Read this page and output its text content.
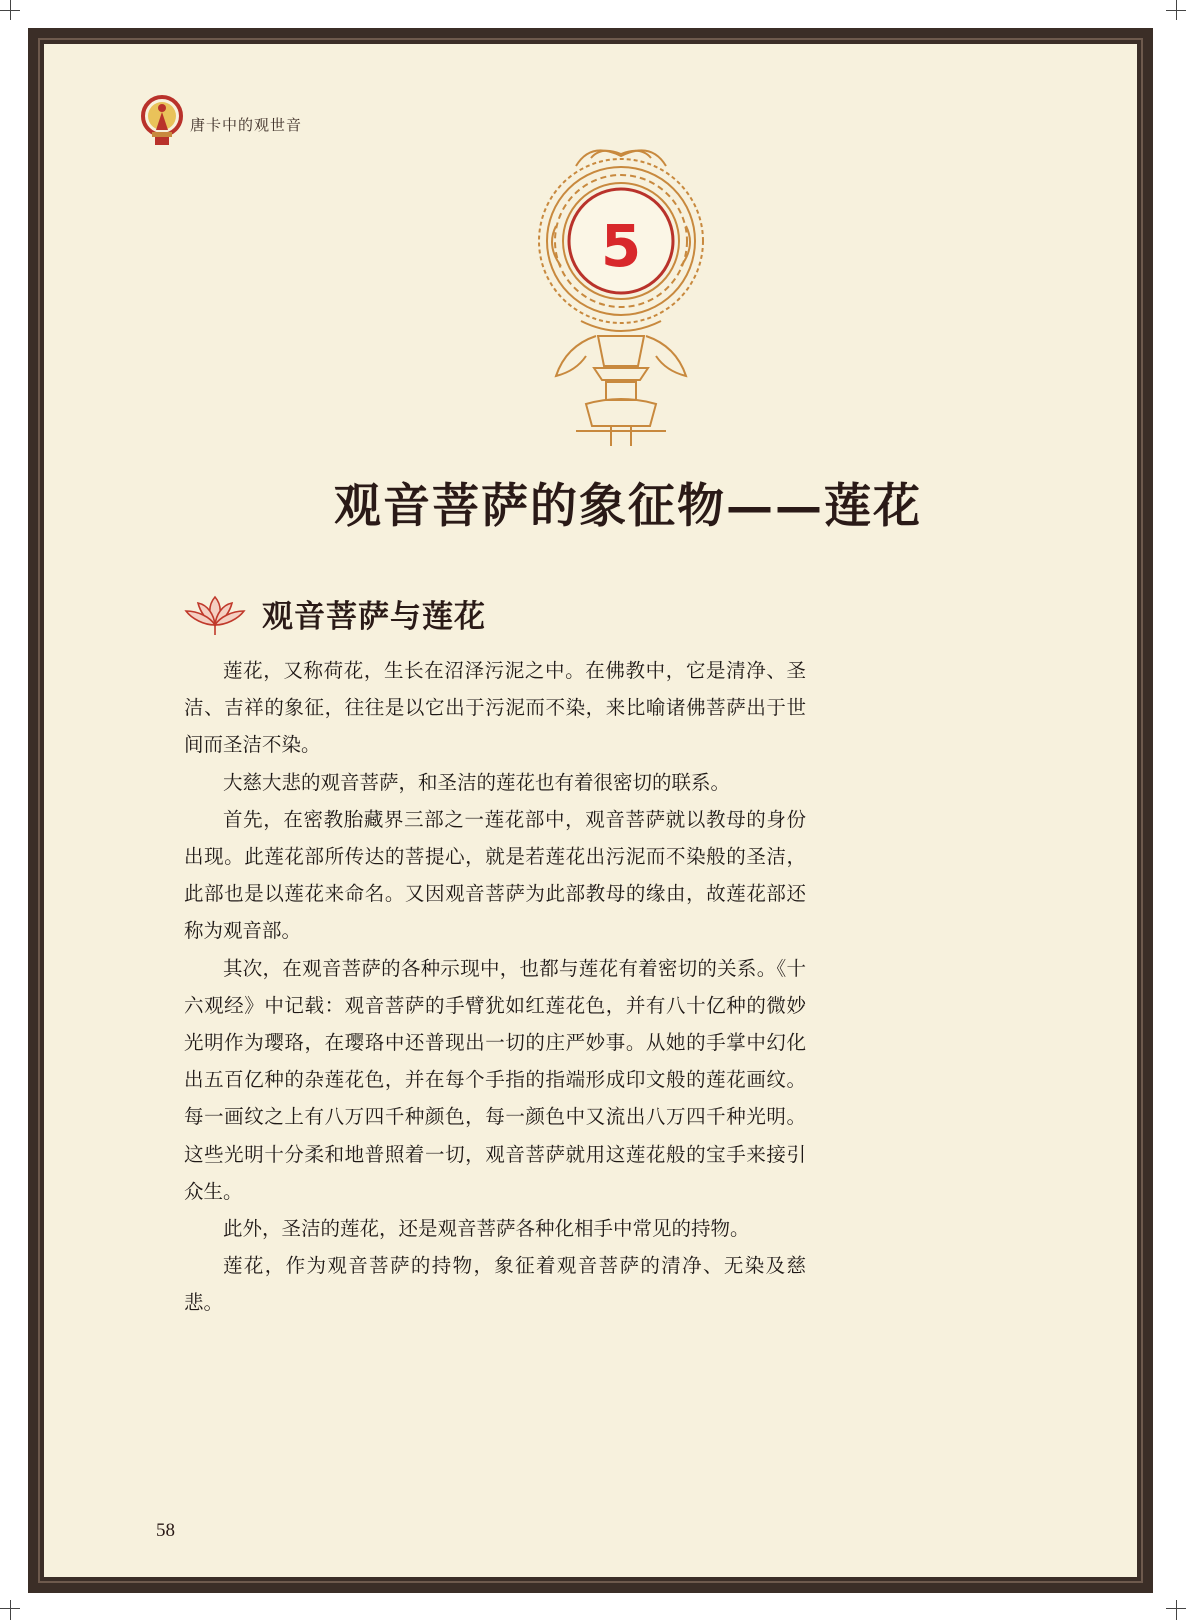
唐卡中的观世音
5
观音菩萨的象征物——莲花
观音菩萨与莲花

莲花，又称荷花，生长在沼泽污泥之中。在佛教中，它是清净、圣洁、吉祥的象征，往往是以它出于污泥而不染，来比喻诸佛菩萨出于世间而圣洁不染。

大慈大悲的观音菩萨，和圣洁的莲花也有着很密切的联系。

首先，在密教胎藏界三部之一莲花部中，观音菩萨就以教母的身份出现。此莲花部所传达的菩提心，就是若莲花出污泥而不染般的圣洁，此部也是以莲花来命名。又因观音菩萨为此部教母的缘由，故莲花部还称为观音部。

其次，在观音菩萨的各种示现中，也都与莲花有着密切的关系。《十六观经》中记载：观音菩萨的手臂犹如红莲花色，并有八十亿种的微妙光明作为璎珞，在璎珞中还普现出一切的庄严妙事。从她的手掌中幻化出五百亿种的杂莲花色，并在每个手指的指端形成印文般的莲花画纹。每一画纹之上有八万四千种颜色，每一颜色中又流出八万四千种光明。这些光明十分柔和地普照着一切，观音菩萨就用这莲花般的宝手来接引众生。

此外，圣洁的莲花，还是观音菩萨各种化相手中常见的持物。

莲花，作为观音菩萨的持物，象征着观音菩萨的清净、无染及慈悲。

58
